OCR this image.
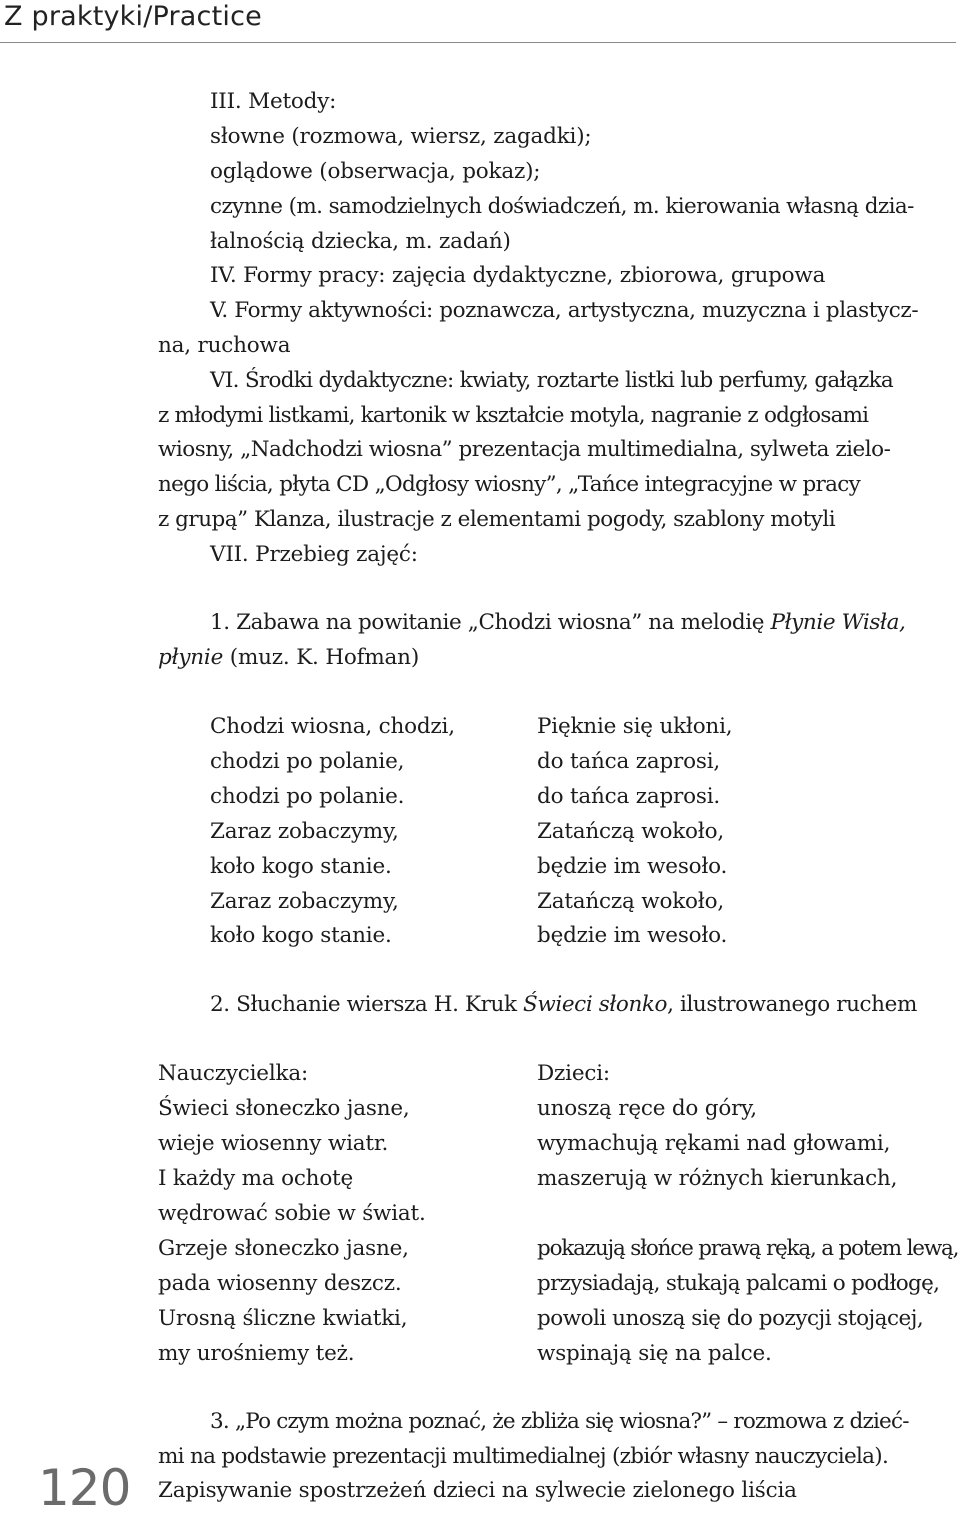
Z praktyki/Practice
III. Metody:
słowne (rozmowa, wiersz, zagadki);
oglądowe (obserwacja, pokaz);
czynne (m. samodzielnych doświadczeń, m. kierowania własną dzia-
łalnością dziecka, m. zadań)
IV. Formy pracy: zajęcia dydaktyczne, zbiorowa, grupowa
V. Formy aktywności: poznawcza, artystyczna, muzyczna i plastycz-
na, ruchowa
VI. Środki dydaktyczne: kwiaty, roztarte listki lub perfumy, gałązka
z młodymi listkami, kartonik w kształcie motyla, nagranie z odgłosami
wiosny, „Nadchodzi wiosna” prezentacja multimedialna, sylweta zielo-
nego liścia, płyta CD „Odgłosy wiosny”, „Tańce integracyjne w pracy
z grupą” Klanza, ilustracje z elementami pogody, szablony motyli
VII. Przebieg zajęć:
1. Zabawa na powitanie „Chodzi wiosna” na melodię Płynie Wisła,
płynie (muz. K. Hofman)
Chodzi wiosna, chodzi,
chodzi po polanie,
chodzi po polanie.
Zaraz zobaczymy,
koło kogo stanie.
Zaraz zobaczymy,
koło kogo stanie.
Pięknie się ukłoni,
do tańca zaprosi,
do tańca zaprosi.
Zatańczą wokoło,
będzie im wesoło.
Zatańczą wokoło,
będzie im wesoło.
2. Słuchanie wiersza H. Kruk Świeci słonko, ilustrowanego ruchem
Nauczycielka:
Świeci słoneczko jasne,
wieje wiosenny wiatr.
I każdy ma ochotę
wędrować sobie w świat.
Grzeje słoneczko jasne,
pada wiosenny deszcz.
Urosną śliczne kwiatki,
my urośniemy też.
Dzieci:
unoszą ręce do góry,
wymachują rękami nad głowami,
maszerują w różnych kierunkach,
pokazują słońce prawą ręką, a potem lewą,
przysiadają, stukają palcami o podłogę,
powoli unoszą się do pozycji stojącej,
wspinają się na palce.
3. „Po czym można poznać, że zbliża się wiosna?” – rozmowa z dzieć-
mi na podstawie prezentacji multimedialnej (zbiór własny nauczyciela).
Zapisywanie spostrzeżeń dzieci na sylwecie zielonego liścia
120
